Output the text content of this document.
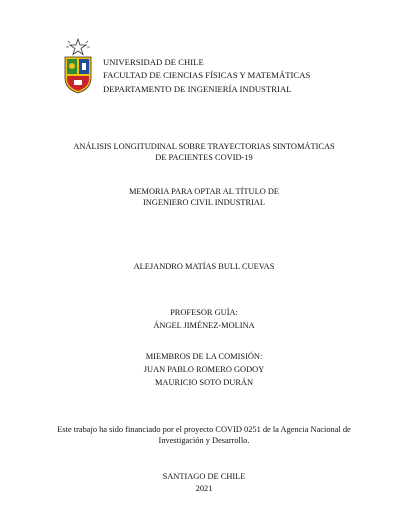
UNIVERSIDAD DE CHILE
FACULTAD DE CIENCIAS FÍSICAS Y MATEMÁTICAS
DEPARTAMENTO DE INGENIERÍA INDUSTRIAL
ANÁLISIS LONGITUDINAL SOBRE TRAYECTORIAS SINTOMÁTICAS
DE PACIENTES COVID-19
MEMORIA PARA OPTAR AL TÍTULO DE
INGENIERO CIVIL INDUSTRIAL
ALEJANDRO MATÍAS BULL CUEVAS
PROFESOR GUÍA:
ÁNGEL JIMÉNEZ-MOLINA
MIEMBROS DE LA COMISIÓN:
JUAN PABLO ROMERO GODOY
MAURICIO SOTO DURÁN
Este trabajo ha sido financiado por el proyecto COVID 0251 de la Agencia Nacional de
Investigación y Desarrollo.
SANTIAGO DE CHILE
2021
